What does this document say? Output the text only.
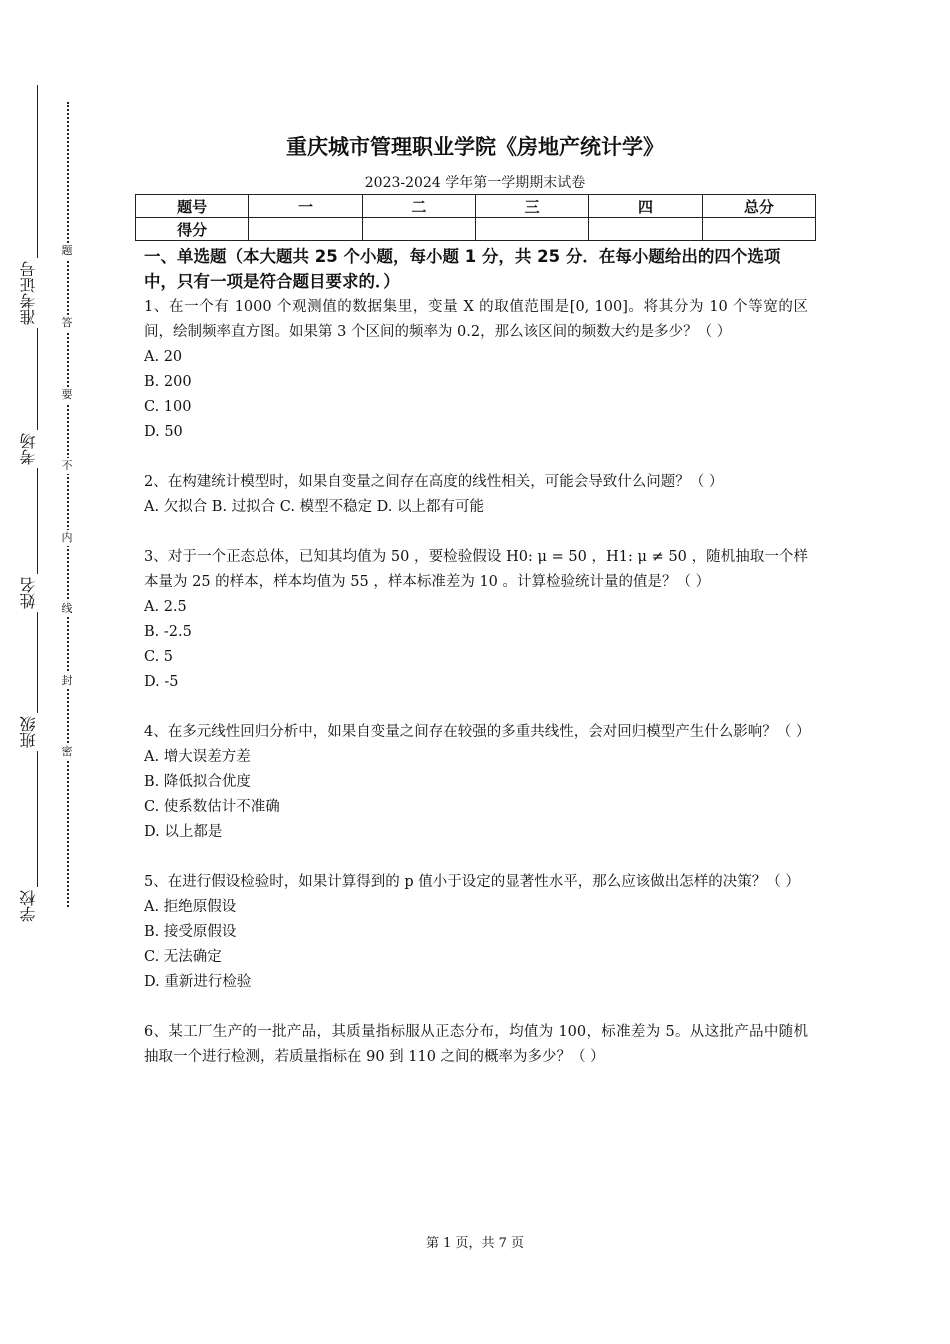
准考证号
考场
姓名
班级
学校
题
答
要
不
内
线
封
密
重庆城市管理职业学院《房地产统计学》
2023-2024 学年第一学期期末试卷
题号	一	二	三	四	总分
得分					
一、单选题（本大题共 25 个小题，每小题 1 分，共 25 分．在每小题给出的四个选项中，只有一项是符合题目要求的．）
1、在一个有 1000 个观测值的数据集里，变量 X 的取值范围是[0, 100]。将其分为 10 个等宽的区间，绘制频率直方图。如果第 3 个区间的频率为 0.2，那么该区间的频数大约是多少？（ ）
A. 20
B. 200
C. 100
D. 50
2、在构建统计模型时，如果自变量之间存在高度的线性相关，可能会导致什么问题？（ ）
A. 欠拟合 B. 过拟合 C. 模型不稳定 D. 以上都有可能
3、对于一个正态总体，已知其均值为 50 ，要检验假设 H0: μ = 50 ，H1: μ ≠ 50 ，随机抽取一个样本量为 25 的样本，样本均值为 55 ，样本标准差为 10 。计算检验统计量的值是？（ ）
A. 2.5
B. -2.5
C. 5
D. -5
4、在多元线性回归分析中，如果自变量之间存在较强的多重共线性，会对回归模型产生什么影响？（ ）
A. 增大误差方差
B. 降低拟合优度
C. 使系数估计不准确
D. 以上都是
5、在进行假设检验时，如果计算得到的 p 值小于设定的显著性水平，那么应该做出怎样的决策？（ ）
A. 拒绝原假设
B. 接受原假设
C. 无法确定
D. 重新进行检验
6、某工厂生产的一批产品，其质量指标服从正态分布，均值为 100，标准差为 5。从这批产品中随机抽取一个进行检测，若质量指标在 90 到 110 之间的概率为多少？（ ）
第 1 页，共 7 页
